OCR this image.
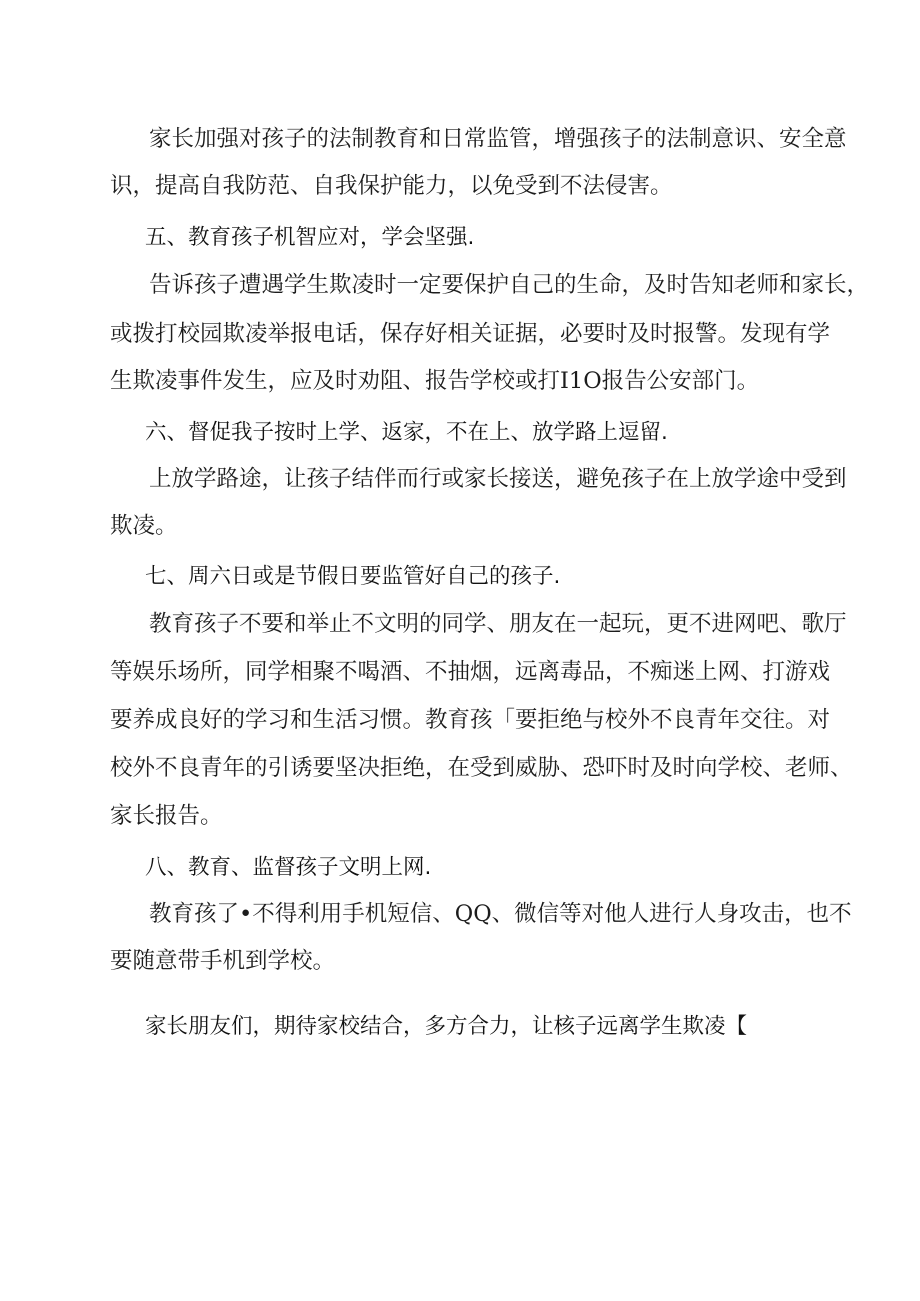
家长加强对孩子的法制教育和日常监管，增强孩子的法制意识、安全意
识，提高自我防范、自我保护能力，以免受到不法侵害。
五、教育孩子机智应对，学会坚强.
告诉孩子遭遇学生欺凌时一定要保护自己的生命，及时告知老师和家长，
或拨打校园欺凌举报电话，保存好相关证据，必要时及时报警。发现有学
生欺凌事件发生，应及时劝阻、报告学校或打I1O报告公安部门。
六、督促我子按时上学、返家，不在上、放学路上逗留.
上放学路途，让孩子结伴而行或家长接送，避免孩子在上放学途中受到
欺凌。
七、周六日或是节假日要监管好自己的孩子.
教育孩子不要和举止不文明的同学、朋友在一起玩，更不进网吧、歌厅
等娱乐场所，同学相聚不喝酒、不抽烟，远离毒品，不痴迷上网、打游戏
要养成良好的学习和生活习惯。教育孩「要拒绝与校外不良青年交往。对
校外不良青年的引诱要坚决拒绝，在受到威胁、恐吓时及时向学校、老师、
家长报告。
八、教育、监督孩子文明上网.
教育孩了•不得利用手机短信、QQ、微信等对他人进行人身攻击，也不
要随意带手机到学校。
家长朋友们，期待家校结合，多方合力，让核子远离学生欺凌【
